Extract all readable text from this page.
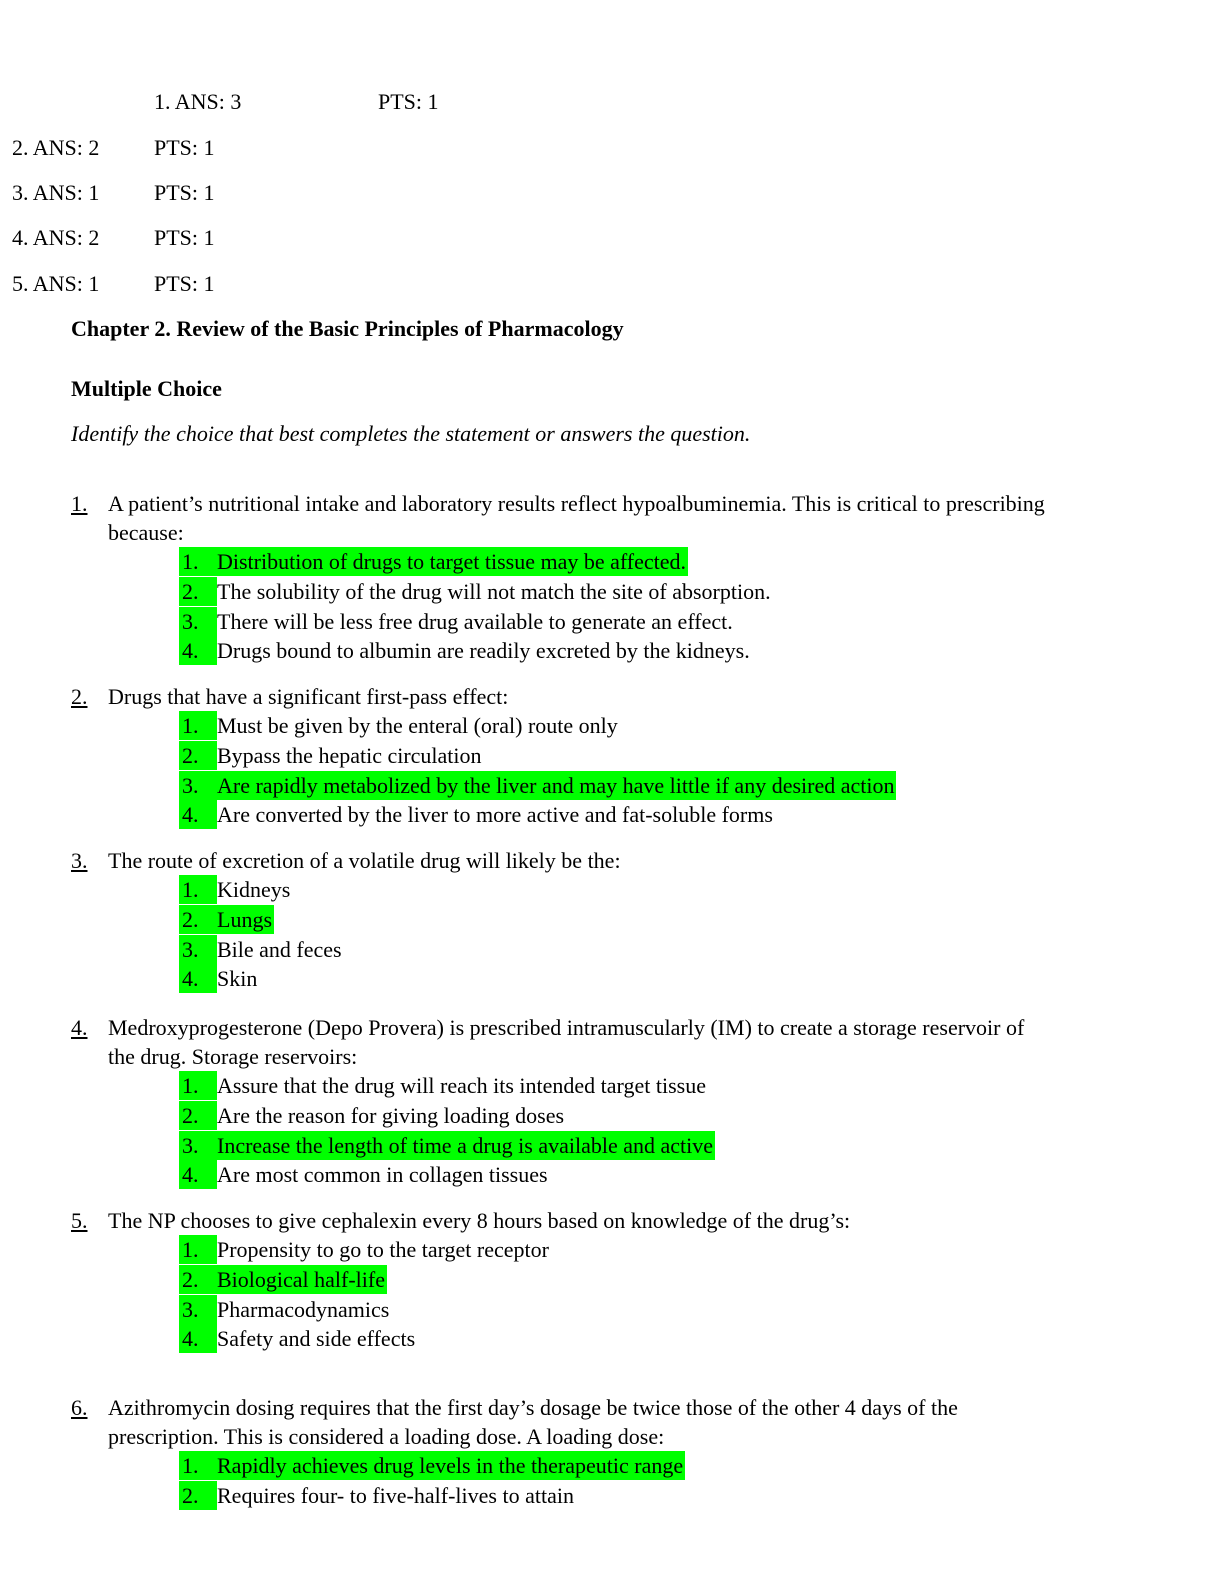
1. ANS: 3	PTS: 1
2. ANS: 2 PTS: 1
3. ANS: 1 PTS: 1
4. ANS: 2 PTS: 1
5. ANS: 1 PTS: 1
Chapter 2. Review of the Basic Principles of Pharmacology
Multiple Choice
Identify the choice that best completes the statement or answers the question.
1. A patient’s nutritional intake and laboratory results reflect hypoalbuminemia. This is critical to prescribing
because:
1. Distribution of drugs to target tissue may be affected.
2. The solubility of the drug will not match the site of absorption.
3. There will be less free drug available to generate an effect.
4. Drugs bound to albumin are readily excreted by the kidneys.
2. Drugs that have a significant first-pass effect:
1. Must be given by the enteral (oral) route only
2. Bypass the hepatic circulation
3. Are rapidly metabolized by the liver and may have little if any desired action
4. Are converted by the liver to more active and fat-soluble forms
3. The route of excretion of a volatile drug will likely be the:
1. Kidneys
2. Lungs
3. Bile and feces
4. Skin
4. Medroxyprogesterone (Depo Provera) is prescribed intramuscularly (IM) to create a storage reservoir of
the drug. Storage reservoirs:
1. Assure that the drug will reach its intended target tissue
2. Are the reason for giving loading doses
3. Increase the length of time a drug is available and active
4. Are most common in collagen tissues
5. The NP chooses to give cephalexin every 8 hours based on knowledge of the drug’s:
1. Propensity to go to the target receptor
2. Biological half-life
3. Pharmacodynamics
4. Safety and side effects
6. Azithromycin dosing requires that the first day’s dosage be twice those of the other 4 days of the
prescription. This is considered a loading dose. A loading dose:
1. Rapidly achieves drug levels in the therapeutic range
2. Requires four- to five-half-lives to attain
